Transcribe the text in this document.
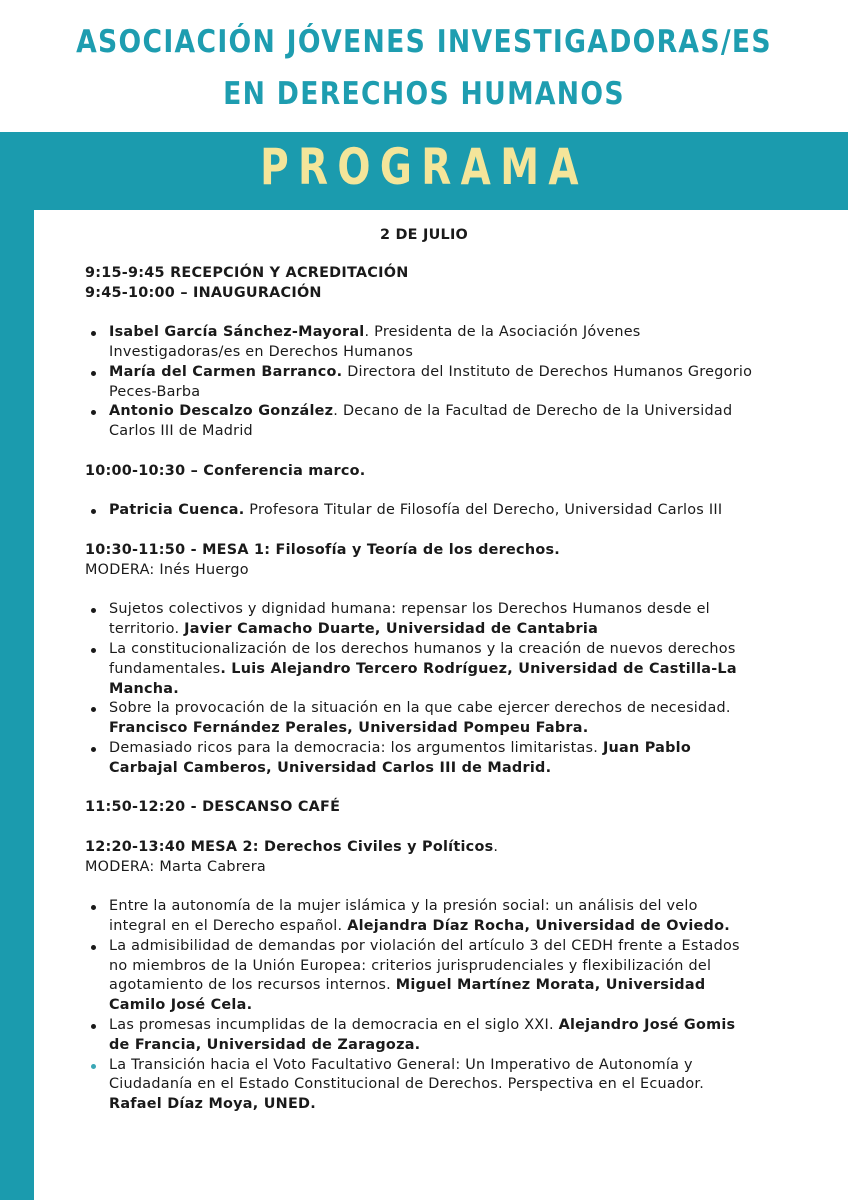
ASOCIACIÓN JÓVENES INVESTIGADORAS/ES
EN DERECHOS HUMANOS
PROGRAMA
2 DE JULIO

9:15-9:45 RECEPCIÓN Y ACREDITACIÓN

9:45-10:00 – INAUGURACIÓN

Isabel García Sánchez-Mayoral. Presidenta de la Asociación Jóvenes
Investigadoras/es en Derechos Humanos
María del Carmen Barranco. Directora del Instituto de Derechos Humanos Gregorio
Peces-Barba
Antonio Descalzo González. Decano de la Facultad de Derecho de la Universidad
Carlos III de Madrid

10:00-10:30 – Conferencia marco.

Patricia Cuenca. Profesora Titular de Filosofía del Derecho, Universidad Carlos III

10:30-11:50 - MESA 1: Filosofía y Teoría de los derechos.

MODERA: Inés Huergo

Sujetos colectivos y dignidad humana: repensar los Derechos Humanos desde el
territorio. Javier Camacho Duarte, Universidad de Cantabria
La constitucionalización de los derechos humanos y la creación de nuevos derechos
fundamentales. Luis Alejandro Tercero Rodríguez, Universidad de Castilla-La
Mancha.
Sobre la provocación de la situación en la que cabe ejercer derechos de necesidad.
Francisco Fernández Perales, Universidad Pompeu Fabra.
Demasiado ricos para la democracia: los argumentos limitaristas. Juan Pablo
Carbajal Camberos, Universidad Carlos III de Madrid.

11:50-12:20 - DESCANSO CAFÉ

12:20-13:40 MESA 2: Derechos Civiles y Políticos.

MODERA: Marta Cabrera

Entre la autonomía de la mujer islámica y la presión social: un análisis del velo
integral en el Derecho español. Alejandra Díaz Rocha, Universidad de Oviedo.
La admisibilidad de demandas por violación del artículo 3 del CEDH frente a Estados
no miembros de la Unión Europea: criterios jurisprudenciales y flexibilización del
agotamiento de los recursos internos. Miguel Martínez Morata, Universidad
Camilo José Cela.
Las promesas incumplidas de la democracia en el siglo XXI. Alejandro José Gomis
de Francia, Universidad de Zaragoza.
La Transición hacia el Voto Facultativo General: Un Imperativo de Autonomía y
Ciudadanía en el Estado Constitucional de Derechos. Perspectiva en el Ecuador.
Rafael Díaz Moya, UNED.
